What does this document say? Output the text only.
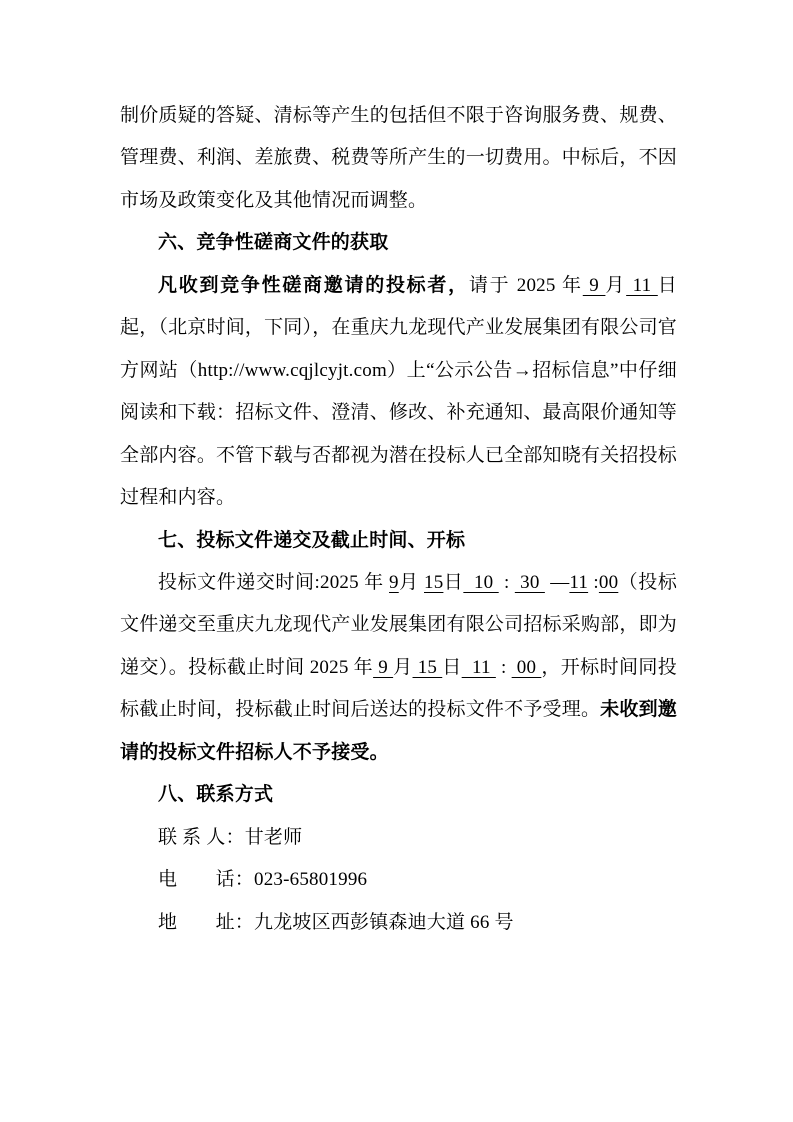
制价质疑的答疑、清标等产生的包括但不限于咨询服务费、规费、管理费、利润、差旅费、税费等所产生的一切费用。中标后，不因市场及政策变化及其他情况而调整。

六、竞争性磋商文件的获取

凡收到竞争性磋商邀请的投标者，请于 2025 年 9 月 11 日起，（北京时间，下同），在重庆九龙现代产业发展集团有限公司官方网站（http://www.cqjlcyjt.com）上“公示公告→招标信息”中仔细阅读和下载：招标文件、澄清、修改、补充通知、最高限价通知等全部内容。不管下载与否都视为潜在投标人已全部知晓有关招投标过程和内容。

七、投标文件递交及截止时间、开标

投标文件递交时间:2025 年 9月 15日  10  :  30  —11 :00（投标文件递交至重庆九龙现代产业发展集团有限公司招标采购部，即为递交）。投标截止时间 2025 年 9 月 15 日  11  :  00 ，开标时间同投标截止时间，投标截止时间后送达的投标文件不予受理。未收到邀请的投标文件招标人不予接受。

八、联系方式

联 系 人：甘老师

电　　话：023-65801996

地　　址：九龙坡区西彭镇森迪大道 66 号
